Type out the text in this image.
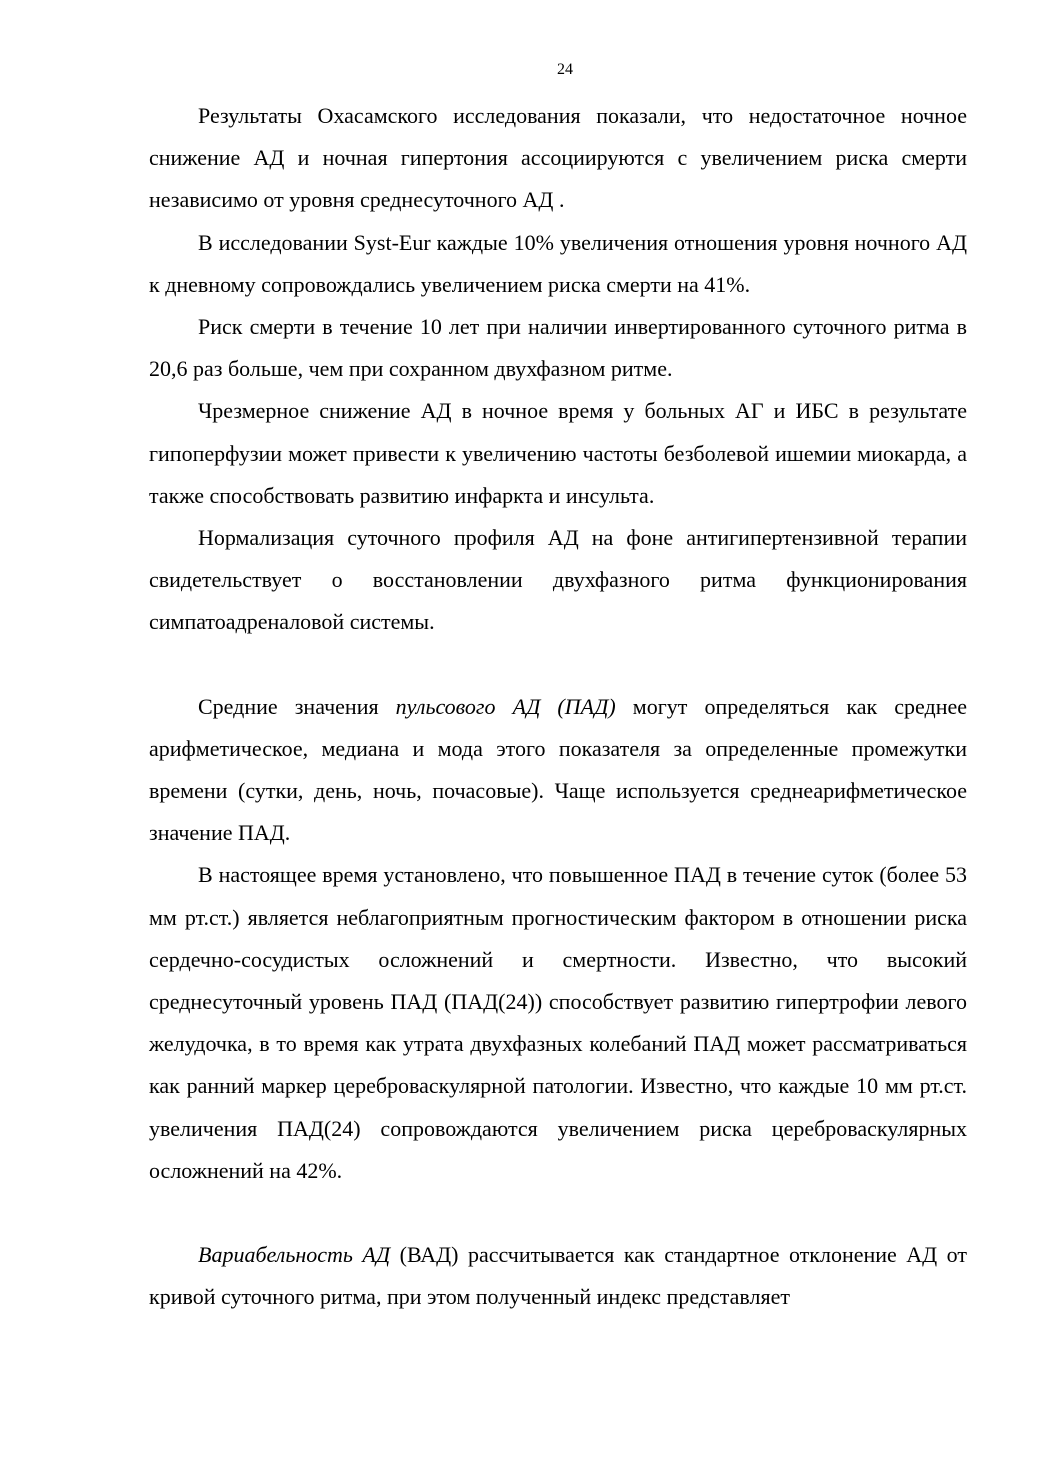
24

Результаты Охасамского исследования показали, что недостаточное ночное снижение АД и ночная гипертония ассоциируются с увеличением риска смерти независимо от уровня среднесуточного АД .

В исследовании Syst-Eur каждые 10% увеличения отношения уровня ночного АД к дневному сопровождались увеличением риска смерти на 41%.

Риск смерти в течение 10 лет при наличии инвертированного суточного ритма в 20,6 раз больше, чем при сохранном двухфазном ритме.

Чрезмерное снижение АД в ночное время у больных АГ и ИБС в результате гипоперфузии может привести к увеличению частоты безболевой ишемии миокарда, а также способствовать развитию инфаркта и инсульта.

Нормализация суточного профиля АД на фоне антигипертензивной терапии свидетельствует о восстановлении двухфазного ритма функционирования симпатоадреналовой системы.

Средние значения пульсового АД (ПАД) могут определяться как среднее арифметическое, медиана и мода этого показателя за определенные промежутки времени (сутки, день, ночь, почасовые). Чаще используется среднеарифметическое значение ПАД.

В настоящее время установлено, что повышенное ПАД в течение суток (более 53 мм рт.ст.) является неблагоприятным прогностическим фактором в отношении риска сердечно-сосудистых осложнений и смертности. Известно, что высокий среднесуточный уровень ПАД (ПАД(24)) способствует развитию гипертрофии левого желудочка, в то время как утрата двухфазных колебаний ПАД может рассматриваться как ранний маркер цереброваскулярной патологии. Известно, что каждые 10 мм рт.ст. увеличения ПАД(24) сопровождаются увеличением риска цереброваскулярных осложнений на 42%.

Вариабельность АД (ВАД) рассчитывается как стандартное отклонение АД от кривой суточного ритма, при этом полученный индекс представляет
